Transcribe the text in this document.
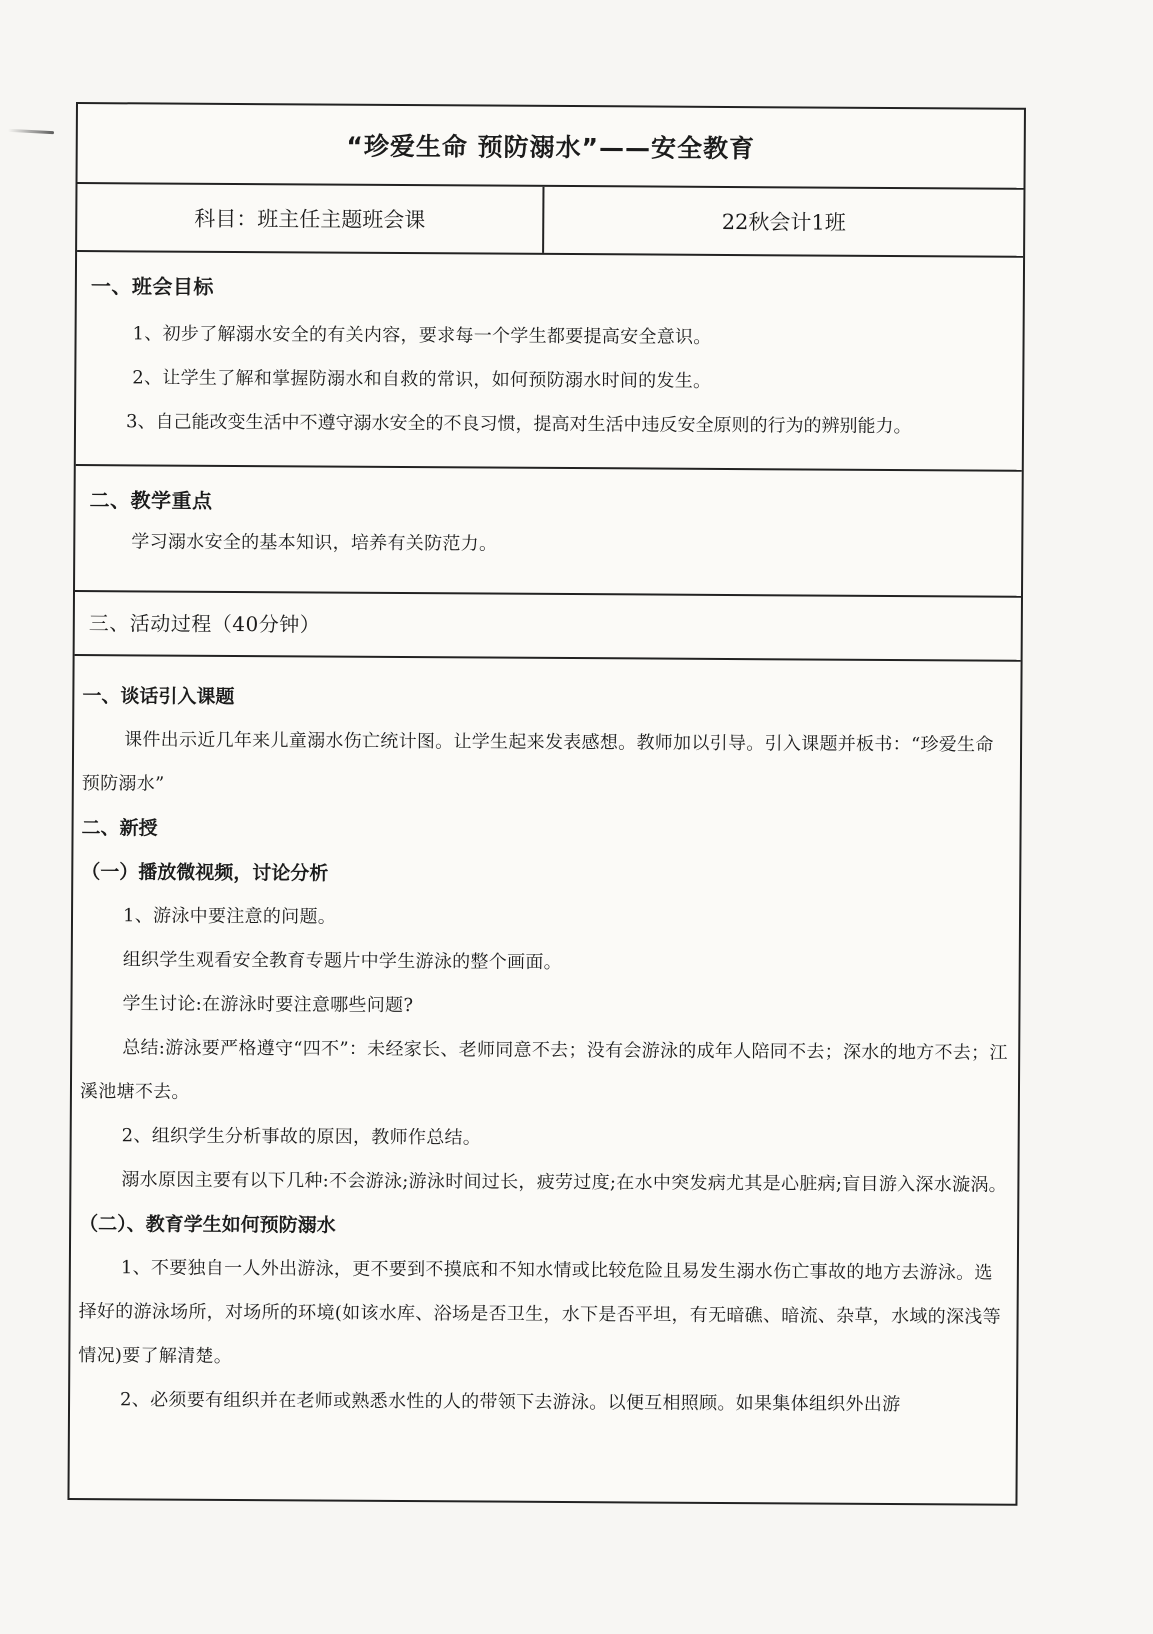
“珍爱生命 预防溺水”——安全教育
科目：班主任主题班会课	22秋会计1班
一、班会目标

1、初步了解溺水安全的有关内容，要求每一个学生都要提高安全意识。

2、让学生了解和掌握防溺水和自救的常识，如何预防溺水时间的发生。

3、自己能改变生活中不遵守溺水安全的不良习惯，提高对生活中违反安全原则的行为的辨别能力。

二、教学重点

学习溺水安全的基本知识，培养有关防范力。

三、活动过程（40分钟）

一、谈话引入课题

课件出示近几年来儿童溺水伤亡统计图。让学生起来发表感想。教师加以引导。引入课题并板书：“珍爱生命 预防溺水”

二、新授

（一）播放微视频，讨论分析

1、游泳中要注意的问题。

组织学生观看安全教育专题片中学生游泳的整个画面。

学生讨论:在游泳时要注意哪些问题?

总结:游泳要严格遵守“四不”：未经家长、老师同意不去；没有会游泳的成年人陪同不去；深水的地方不去；江溪池塘不去。

2、组织学生分析事故的原因，教师作总结。

溺水原因主要有以下几种:不会游泳;游泳时间过长，疲劳过度;在水中突发病尤其是心脏病;盲目游入深水漩涡。

（二）、教育学生如何预防溺水

1、不要独自一人外出游泳，更不要到不摸底和不知水情或比较危险且易发生溺水伤亡事故的地方去游泳。选择好的游泳场所，对场所的环境(如该水库、浴场是否卫生，水下是否平坦，有无暗礁、暗流、杂草，水域的深浅等情况)要了解清楚。

2、必须要有组织并在老师或熟悉水性的人的带领下去游泳。以便互相照顾。如果集体组织外出游
